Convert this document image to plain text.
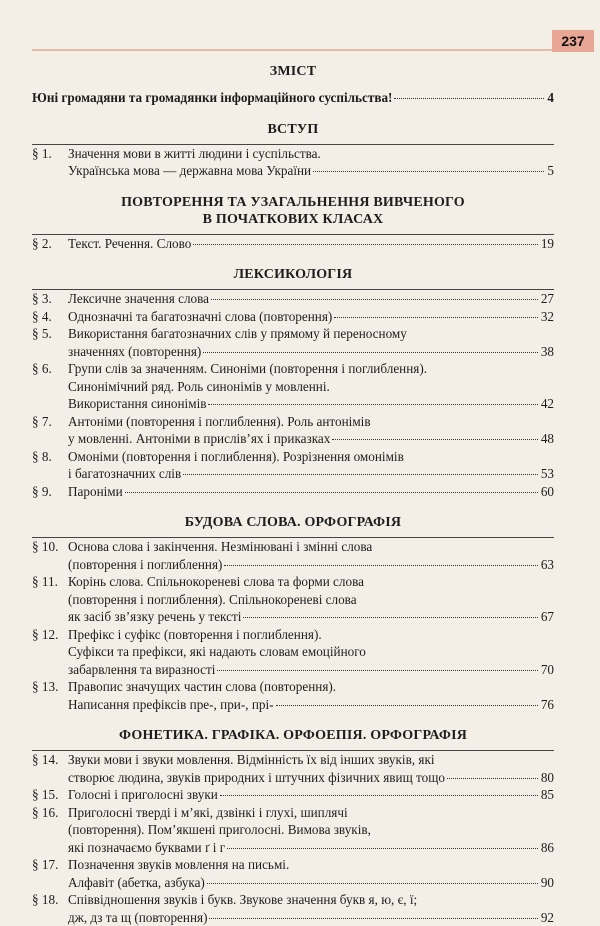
237
ЗМІСТ
Юні громадяни та громадянки інформаційного суспільства!	4
ВСТУП
§ 1.	Значення мови в житті людини і суспільства.
Українська мова — державна мова України	5
ПОВТОРЕННЯ ТА УЗАГАЛЬНЕННЯ ВИВЧЕНОГО
В ПОЧАТКОВИХ КЛАСАХ
§ 2.	Текст. Речення. Слово	19
ЛЕКСИКОЛОГІЯ
§ 3.	Лексичне значення слова	27
§ 4.	Однозначні та багатозначні слова (повторення)	32
§ 5.	Використання багатозначних слів у прямому й переносному
значеннях (повторення)	38
§ 6.	Групи слів за значенням. Синоніми (повторення і поглиблення).
Синонімічний ряд. Роль синонімів у мовленні.
Використання синонімів	42
§ 7.	Антоніми (повторення і поглиблення). Роль антонімів
у мовленні. Антоніми в прислів’ях і приказках	48
§ 8.	Омоніми (повторення і поглиблення). Розрізнення омонімів
і багатозначних слів	53
§ 9.	Пароніми	60
БУДОВА СЛОВА. ОРФОГРАФІЯ
§ 10. Основа слова і закінчення. Незмінювані і змінні слова
(повторення і поглиблення)	63
§ 11. Корінь слова. Спільнокореневі слова та форми слова
(повторення і поглиблення). Спільнокореневі слова
як засіб зв’язку речень у тексті	67
§ 12. Префікс і суфікс (повторення і поглиблення).
Суфікси та префікси, які надають словам емоційного
забарвлення та виразності	70
§ 13. Правопис значущих частин слова (повторення).
Написання префіксів пре-, при-, прі-	76
ФОНЕТИКА. ГРАФІКА. ОРФОЕПІЯ. ОРФОГРАФІЯ
§ 14. Звуки мови і звуки мовлення. Відмінність їх від інших звуків, які
створює людина, звуків природних і штучних фізичних явищ тощо	80
§ 15. Голосні і приголосні звуки	85
§ 16. Приголосні тверді і м’які, дзвінкі і глухі, шиплячі
(повторення). Пом’якшені приголосні. Вимова звуків,
які позначаємо буквами ґ і г	86
§ 17. Позначення звуків мовлення на письмі.
Алфавіт (абетка, азбука)	90
§ 18. Співвідношення звуків і букв. Звукове значення букв я, ю, є, ї;
дж, дз та щ (повторення)	92
